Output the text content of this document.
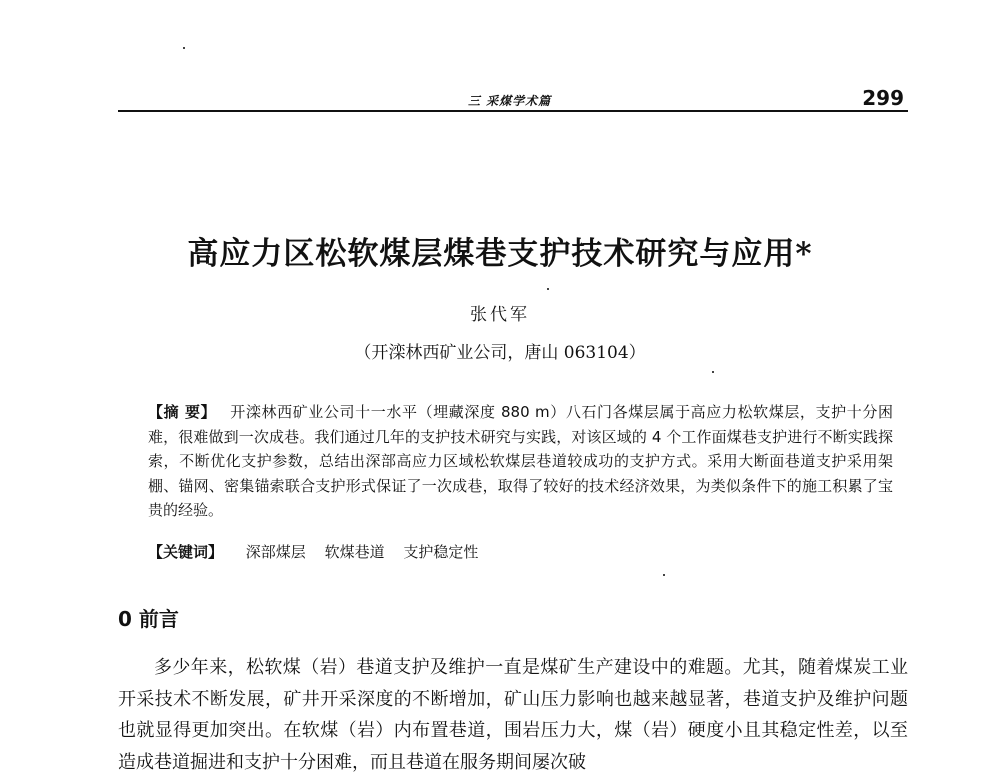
三 采煤学术篇	299
高应力区松软煤层煤巷支护技术研究与应用*
张代军
（开滦林西矿业公司，唐山 063104）
【摘 要】 开滦林西矿业公司十一水平（埋藏深度 880 m）八石门各煤层属于高应力松软煤层，支护十分困难，很难做到一次成巷。我们通过几年的支护技术研究与实践，对该区域的 4 个工作面煤巷支护进行不断实践探索，不断优化支护参数，总结出深部高应力区域松软煤层巷道较成功的支护方式。采用大断面巷道支护采用架棚、锚网、密集锚索联合支护形式保证了一次成巷，取得了较好的技术经济效果，为类似条件下的施工积累了宝贵的经验。
【关键词】 深部煤层 软煤巷道 支护稳定性
0 前言

多少年来，松软煤（岩）巷道支护及维护一直是煤矿生产建设中的难题。尤其，随着煤炭工业开采技术不断发展，矿井开采深度的不断增加，矿山压力影响也越来越显著，巷道支护及维护问题也就显得更加突出。在软煤（岩）内布置巷道，围岩压力大，煤（岩）硬度小且其稳定性差，以至造成巷道掘进和支护十分困难，而且巷道在服务期间屡次破
